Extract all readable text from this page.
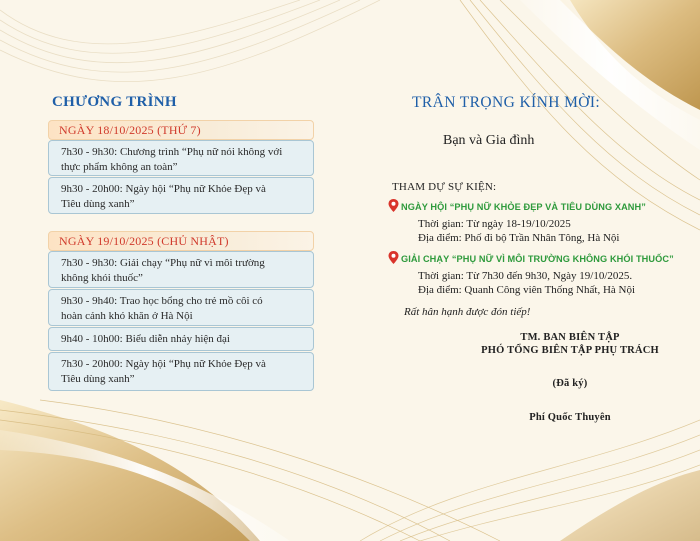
CHƯƠNG TRÌNH
NGÀY 18/10/2025 (THỨ 7)
7h30 - 9h30: Chương trình “Phụ nữ nói không với
thực phẩm không an toàn”
9h30 - 20h00: Ngày hội “Phụ nữ Khỏe Đẹp và
Tiêu dùng xanh”
NGÀY 19/10/2025 (CHỦ NHẬT)
7h30 - 9h30: Giải chạy “Phụ nữ vì môi trường
không khói thuốc”
9h30 - 9h40: Trao học bổng cho trẻ mồ côi có
hoàn cảnh khó khăn ở Hà Nội
9h40 - 10h00: Biểu diễn nhảy hiện đại
7h30 - 20h00: Ngày hội “Phụ nữ Khỏe Đẹp và
Tiêu dùng xanh”
TRÂN TRỌNG KÍNH MỜI:
Bạn và Gia đình
THAM DỰ SỰ KIỆN:
NGÀY HỘI “PHỤ NỮ KHỎE ĐẸP VÀ TIÊU DÙNG XANH”
Thời gian: Từ ngày 18-19/10/2025
Địa điểm: Phố đi bộ Trần Nhân Tông, Hà Nội
GIẢI CHẠY “PHỤ NỮ VÌ MÔI TRƯỜNG KHÔNG KHÓI THUỐC”
Thời gian: Từ 7h30 đến 9h30, Ngày 19/10/2025.
Địa điểm: Quanh Công viên Thống Nhất, Hà Nội
Rất hân hạnh được đón tiếp!
TM. BAN BIÊN TẬP
PHÓ TỔNG BIÊN TẬP PHỤ TRÁCH
(Đã ký)
Phí Quốc Thuyên
